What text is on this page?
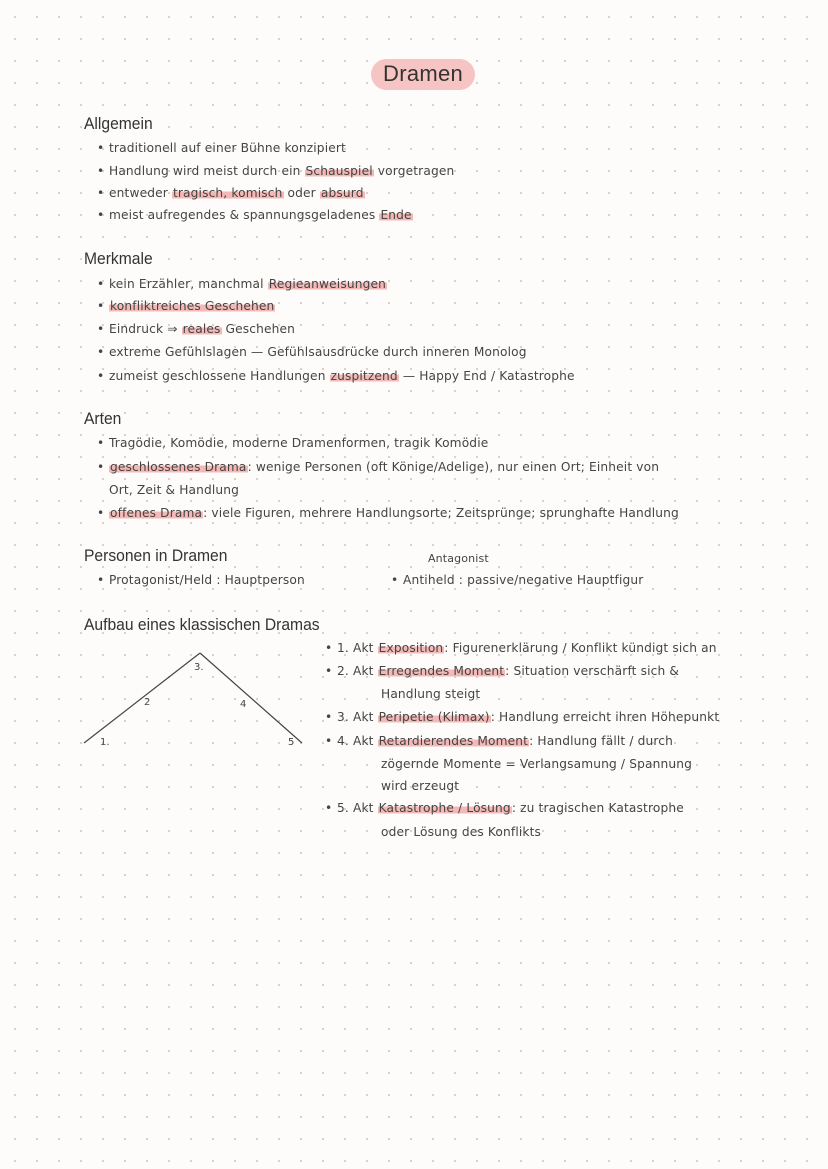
Dramen
Allgemein
• traditionell auf einer Bühne konzipiert
• Handlung wird meist durch ein Schauspiel vorgetragen
• entweder tragisch, komisch oder absurd
• meist aufregendes & spannungsgeladenes Ende
Merkmale
• kein Erzähler, manchmal Regieanweisungen
• konfliktreiches Geschehen
• Eindruck ⇒ reales Geschehen
• extreme Gefühlslagen — Gefühlsausdrücke durch inneren Monolog
• zumeist geschlossene Handlungen zuspitzend — Happy End / Katastrophe
Arten
• Tragödie, Komödie, moderne Dramenformen, tragik Komödie
• geschlossenes Drama: wenige Personen (oft Könige/Adelige), nur einen Ort; Einheit von
Ort, Zeit & Handlung
• offenes Drama: viele Figuren, mehrere Handlungsorte; Zeitsprünge; sprunghafte Handlung
Personen in Dramen
• Protagonist/Held : Hauptperson
Antagonist
• Antiheld : passive/negative Hauptfigur
Aufbau eines klassischen Dramas
1.
2
3.
4
5
• 1. Akt Exposition: Figurenerklärung / Konflikt kündigt sich an
• 2. Akt Erregendes Moment: Situation verschärft sich &
Handlung steigt
• 3. Akt Peripetie (Klimax): Handlung erreicht ihren Höhepunkt
• 4. Akt Retardierendes Moment: Handlung fällt / durch
zögernde Momente = Verlangsamung / Spannung
wird erzeugt
• 5. Akt Katastrophe / Lösung: zu tragischen Katastrophe
oder Lösung des Konflikts
